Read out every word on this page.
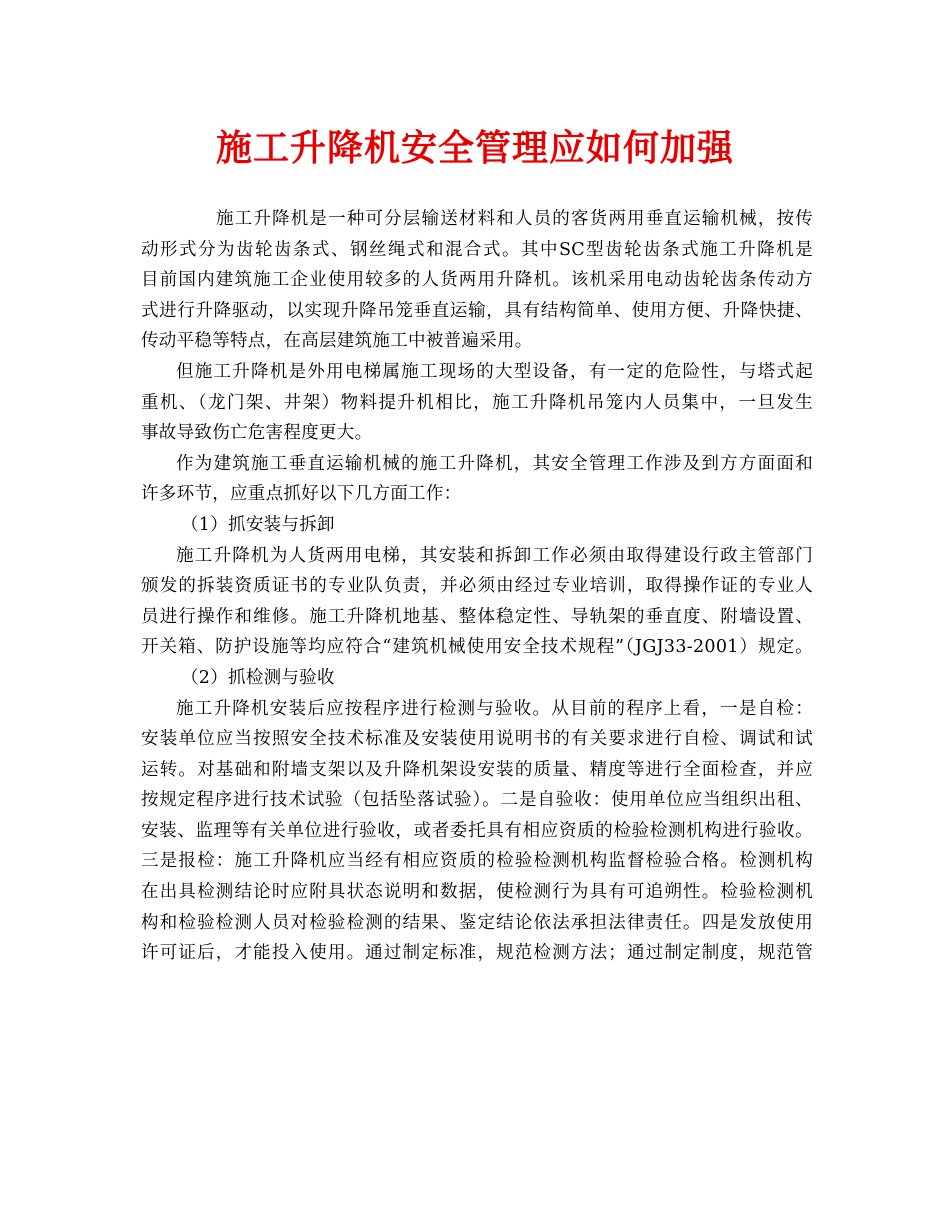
施工升降机安全管理应如何加强
施工升降机是一种可分层输送材料和人员的客货两用垂直运输机械，按传
动形式分为齿轮齿条式、钢丝绳式和混合式。其中SC型齿轮齿条式施工升降机是
目前国内建筑施工企业使用较多的人货两用升降机。该机采用电动齿轮齿条传动方
式进行升降驱动，以实现升降吊笼垂直运输，具有结构简单、使用方便、升降快捷、
传动平稳等特点，在高层建筑施工中被普遍采用。
但施工升降机是外用电梯属施工现场的大型设备，有一定的危险性，与塔式起
重机、（龙门架、井架）物料提升机相比，施工升降机吊笼内人员集中，一旦发生
事故导致伤亡危害程度更大。
作为建筑施工垂直运输机械的施工升降机，其安全管理工作涉及到方方面面和
许多环节，应重点抓好以下几方面工作：
（1）抓安装与拆卸
施工升降机为人货两用电梯，其安装和拆卸工作必须由取得建设行政主管部门
颁发的拆装资质证书的专业队负责，并必须由经过专业培训，取得操作证的专业人
员进行操作和维修。施工升降机地基、整体稳定性、导轨架的垂直度、附墙设置、
开关箱、防护设施等均应符合“建筑机械使用安全技术规程”（JGJ33-2001）规定。
（2）抓检测与验收
施工升降机安装后应按程序进行检测与验收。从目前的程序上看，一是自检：
安装单位应当按照安全技术标准及安装使用说明书的有关要求进行自检、调试和试
运转。对基础和附墙支架以及升降机架设安装的质量、精度等进行全面检查，并应
按规定程序进行技术试验（包括坠落试验）。二是自验收：使用单位应当组织出租、
安装、监理等有关单位进行验收，或者委托具有相应资质的检验检测机构进行验收。
三是报检：施工升降机应当经有相应资质的检验检测机构监督检验合格。检测机构
在出具检测结论时应附具状态说明和数据，使检测行为具有可追朔性。检验检测机
构和检验检测人员对检验检测的结果、鉴定结论依法承担法律责任。四是发放使用
许可证后，才能投入使用。通过制定标准，规范检测方法；通过制定制度，规范管
